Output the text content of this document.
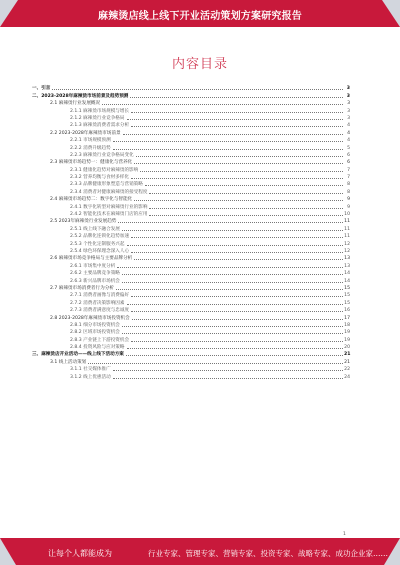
麻辣烫店线上线下开业活动策划方案研究报告
内容目录
一、引言	3
二、2023-2028年麻辣烫市场前景及趋势预测	3
2.1 麻辣烫行业发展概况	3
2.1.1 麻辣烫市场规模与增长	3
2.1.2 麻辣烫行业竞争格局	3
2.1.3 麻辣烫消费者需求分析	4
2.2 2023-2028年麻辣烫市场前景	4
2.2.1 市场规模预测	4
2.2.2 消费升级趋势	5
2.2.3 麻辣烫行业竞争格局变化	6
2.3 麻辣烫市场趋势一：健康化与营养化	6
2.3.1 健康化趋势对麻辣烫的影响	7
2.3.2 营养均衡与食材多样化	7
2.3.3 品牌健康形象塑造与营销策略	8
2.3.4 消费者对健康麻辣烫的接受程度	8
2.4 麻辣烫市场趋势二：数字化与智能化	9
2.4.1 数字化转型对麻辣烫行业的影响	9
2.4.2 智能化技术在麻辣烫门店的应用	10
2.5 2023年麻辣烫行业发展趋势	11
2.5.1 线上线下融合发展	11
2.5.2 品牌化连锁化趋势加速	11
2.5.3 个性化定制服务兴起	12
2.5.4 绿色环保理念深入人心	12
2.6 麻辣烫市场竞争格局与主要品牌分析	13
2.6.1 市场集中度分析	13
2.6.2 主要品牌竞争策略	14
2.6.3 新兴品牌市场机会	14
2.7 麻辣烫市场消费者行为分析	15
2.7.1 消费者画像与消费偏好	15
2.7.2 消费者决策影响因素	15
2.7.3 消费者满意度与忠诚度	16
2.8 2023-2028年麻辣烫市场投资机会	17
2.8.1 细分市场投资机会	18
2.8.2 区域市场投资机会	19
2.8.3 产业链上下游投资机会	19
2.8.4 投资风险与应对策略	20
三、麻辣烫店开业活动——线上线下活动方案	21
3.1 线上活动策划	21
3.1.1 社交媒体推广	22
3.1.2 线上优惠活动	24
1
让每个人都能成为	行业专家、管理专家、营销专家、投资专家、战略专家、成功企业家……
